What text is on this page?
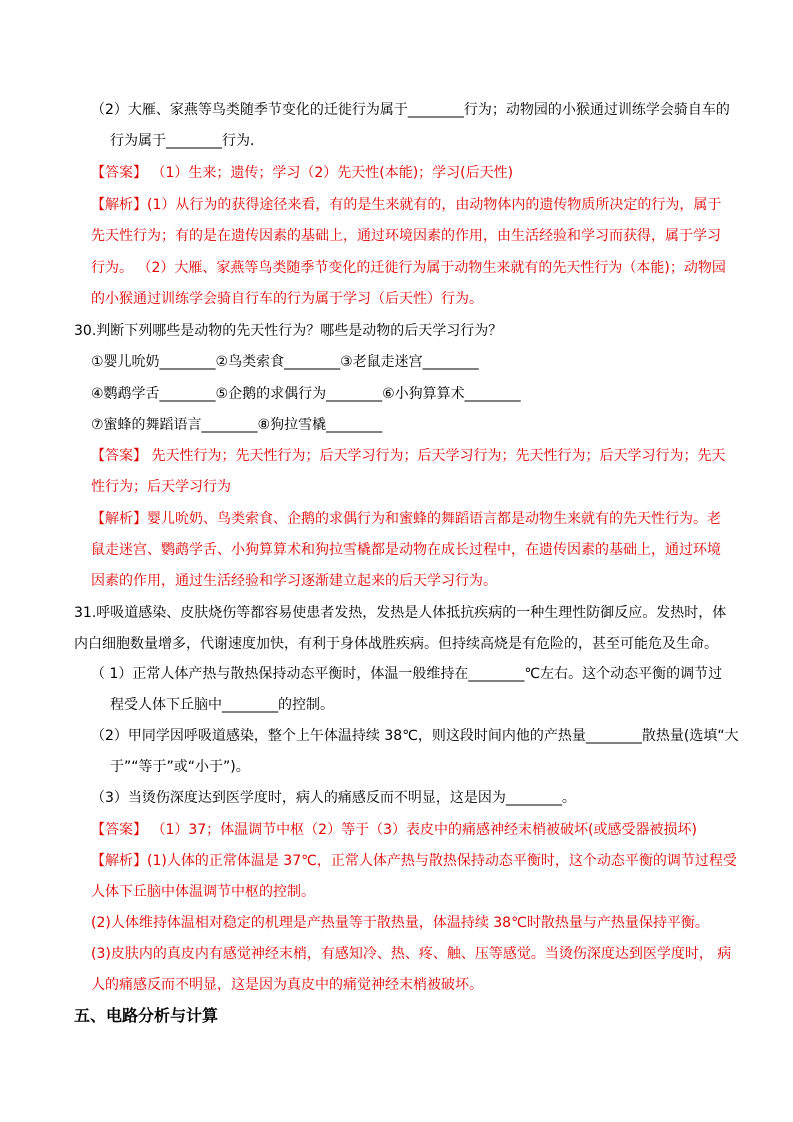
（2）大雁、家燕等鸟类随季节变化的迁徙行为属于________行为；动物园的小猴通过训练学会骑自车的
行为属于________行为．
【答案】 （1）生来；遗传；学习（2）先天性(本能)；学习(后天性)
【解析】(1）从行为的获得途径来看，有的是生来就有的，由动物体内的遗传物质所决定的行为，属于
先天性行为；有的是在遗传因素的基础上，通过环境因素的作用，由生活经验和学习而获得，属于学习
行为。 （2）大雁、家燕等鸟类随季节变化的迁徙行为属于动物生来就有的先天性行为（本能)；动物园
的小猴通过训练学会骑自行车的行为属于学习（后天性）行为。
30.判断下列哪些是动物的先天性行为？哪些是动物的后天学习行为？
①婴儿吮奶________②鸟类索食________③老鼠走迷宫________
④鹦鹉学舌________⑤企鹅的求偶行为________⑥小狗算算术________
⑦蜜蜂的舞蹈语言________⑧狗拉雪橇________
【答案】 先天性行为；先天性行为；后天学习行为；后天学习行为；先天性行为；后天学习行为；先天
性行为；后天学习行为
【解析】婴儿吮奶、鸟类索食、企鹅的求偶行为和蜜蜂的舞蹈语言都是动物生来就有的先天性行为。老
鼠走迷宫、鹦鹉学舌、小狗算算术和狗拉雪橇都是动物在成长过程中，在遗传因素的基础上，通过环境
因素的作用，通过生活经验和学习逐渐建立起来的后天学习行为。
31.呼吸道感染、皮肤烧伤等都容易使患者发热，发热是人体抵抗疾病的一种生理性防御反应。发热时，体
内白细胞数量增多，代谢速度加快，有利于身体战胜疾病。但持续高烧是有危险的，甚至可能危及生命。
（ 1）正常人体产热与散热保持动态平衡时，体温一般维持在________℃左右。这个动态平衡的调节过
程受人体下丘脑中________的控制。
（2）甲同学因呼吸道感染，整个上午体温持续 38℃，则这段时间内他的产热量________散热量(选填“大
于”“等于”或“小于”)。
（3）当烫伤深度达到医学度时，病人的痛感反而不明显，这是因为________。
【答案】 （1）37；体温调节中枢（2）等于（3）表皮中的痛感神经末梢被破坏(或感受器被损坏)
【解析】(1)人体的正常体温是 37℃，正常人体产热与散热保持动态平衡时，这个动态平衡的调节过程受
人体下丘脑中体温调节中枢的控制。
(2)人体维持体温相对稳定的机理是产热量等于散热量，体温持续 38℃时散热量与产热量保持平衡。
(3)皮肤内的真皮内有感觉神经末梢，有感知冷、热、疼、触、压等感觉。当烫伤深度达到医学度时， 病
人的痛感反而不明显，这是因为真皮中的痛觉神经末梢被破坏。
五、电路分析与计算
